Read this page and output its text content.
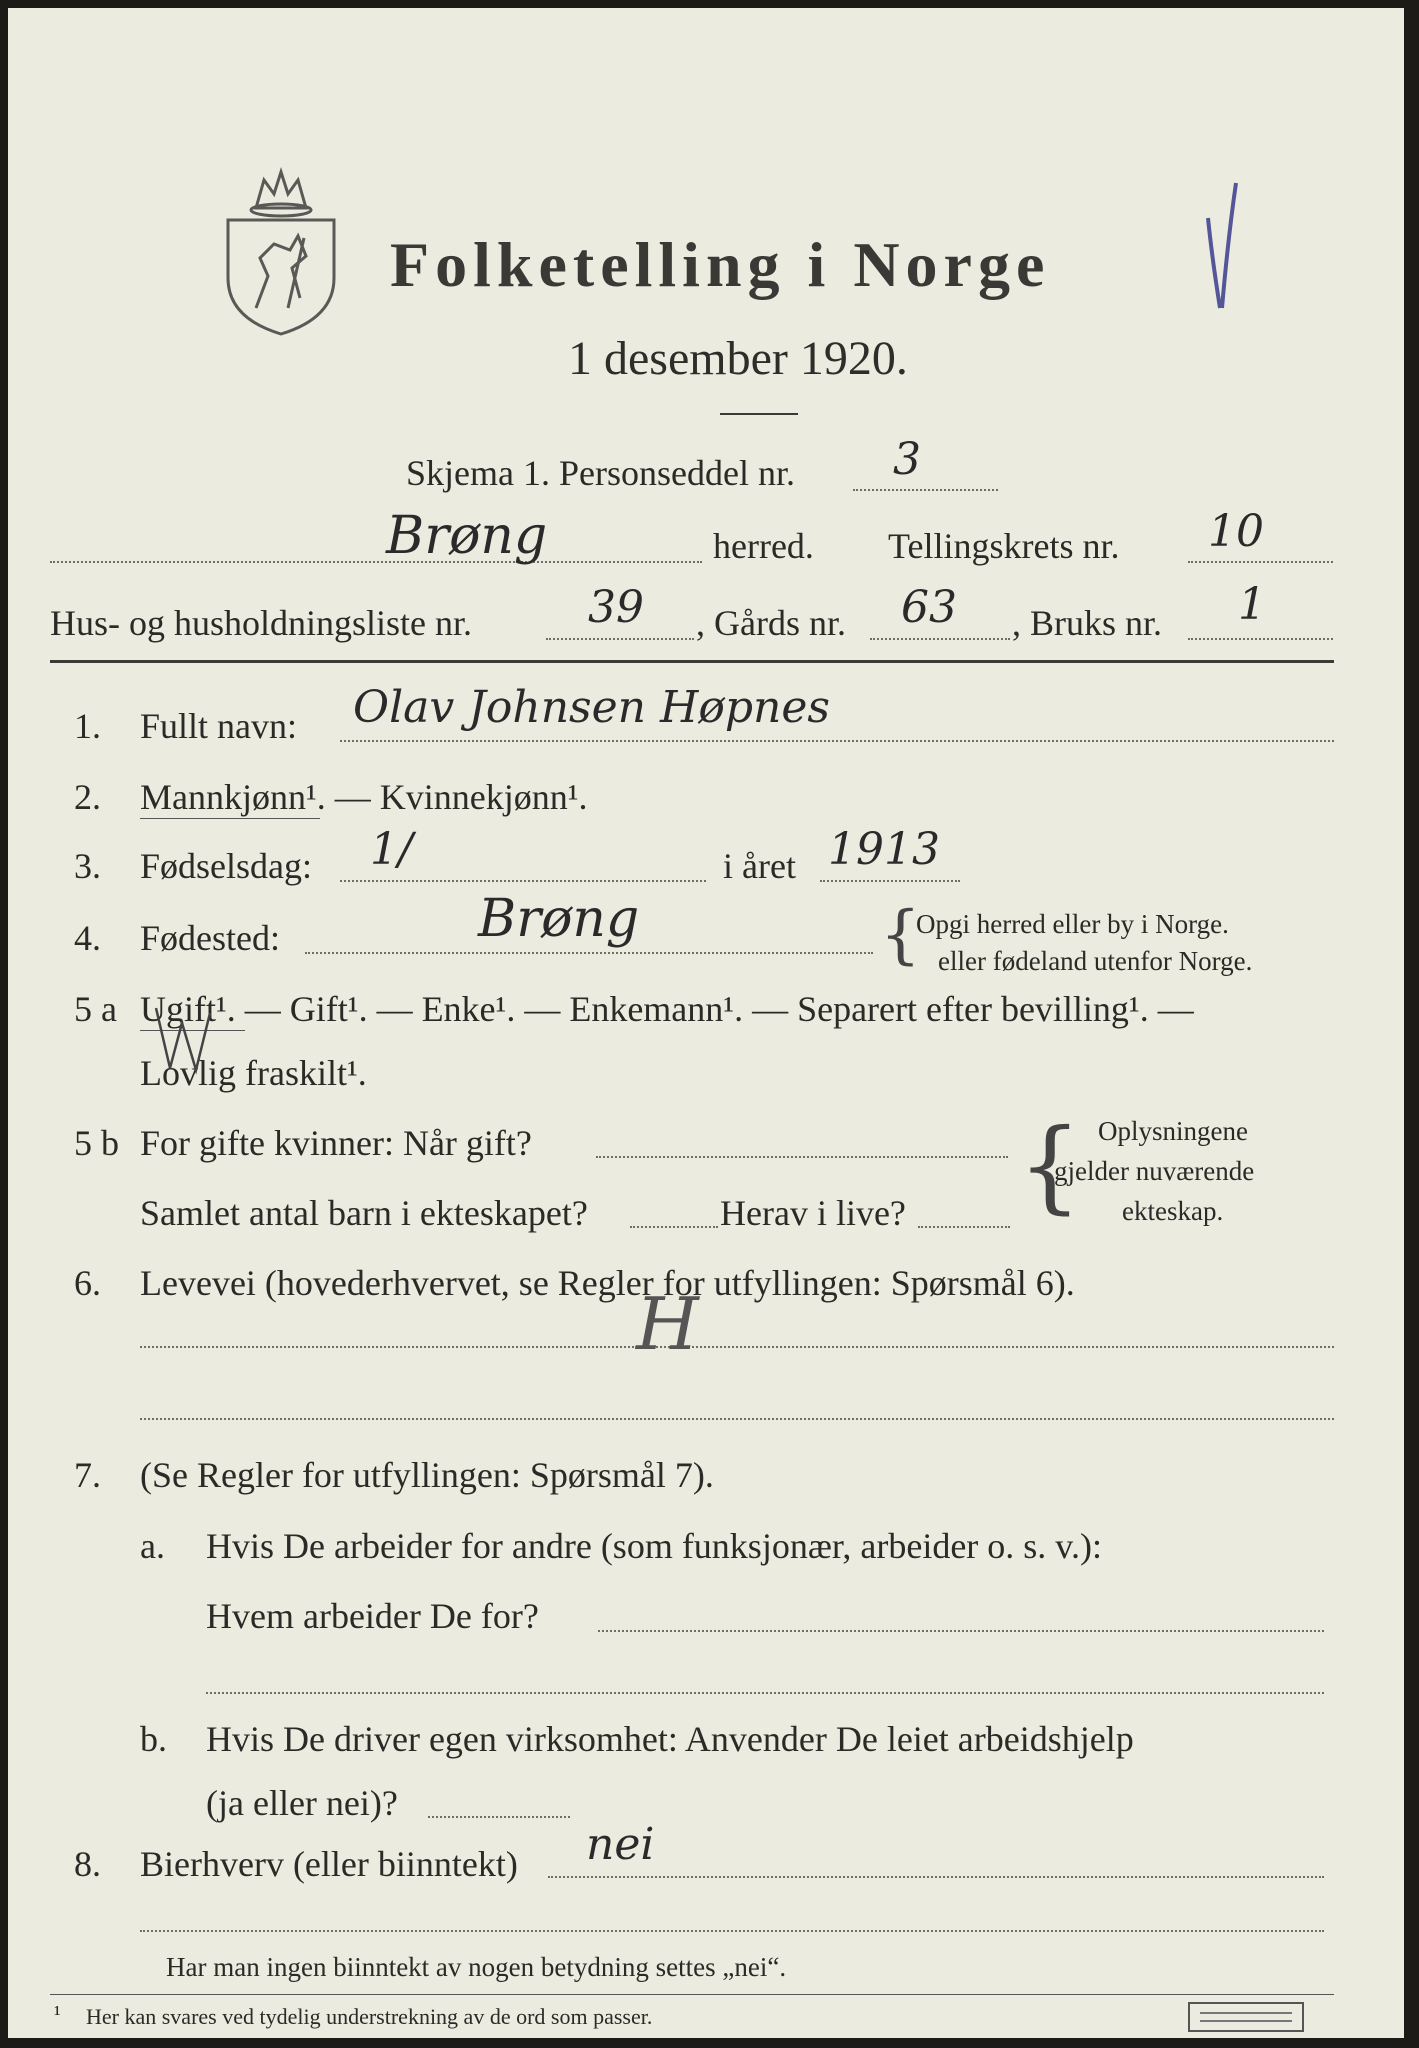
Folketelling i Norge
1 desember 1920.
Skjema 1. Personseddel nr. 3
Brøng	herred. Tellingskrets nr. 10
Hus- og husholdningsliste nr.	39 , Gårds nr. 63 , Bruks nr. 1
1. Fullt navn: Olav Johnsen Høpnes
2. Mannkjønn¹. — Kvinnekjønn¹.
3. Fødselsdag: 1/	i året 1913
4. Fødested:	Brøng	{
Opgi herred eller by i Norge.
eller fødeland utenfor Norge.
5 a Ugift¹. — Gift¹. — Enke¹. — Enkemann¹. — Separert efter bevilling¹. —
Lovlig fraskilt¹.
5 b For gifte kvinner: Når gift?
Samlet antal barn i ekteskapet?	Herav i live? { Oplysningene
gjelder nuværende
ekteskap.
6. Levevei (hovederhvervet, se Regler for utfyllingen: Spørsmål 6).
H
7. (Se Regler for utfyllingen: Spørsmål 7).
a. Hvis De arbeider for andre (som funksjonær, arbeider o. s. v.):
Hvem arbeider De for?
b. Hvis De driver egen virksomhet: Anvender De leiet arbeidshjelp
(ja eller nei)?
8. Bierhverv (eller biinntekt) nei
Har man ingen biinntekt av nogen betydning settes „nei“.
¹ Her kan svares ved tydelig understrekning av de ord som passer.
